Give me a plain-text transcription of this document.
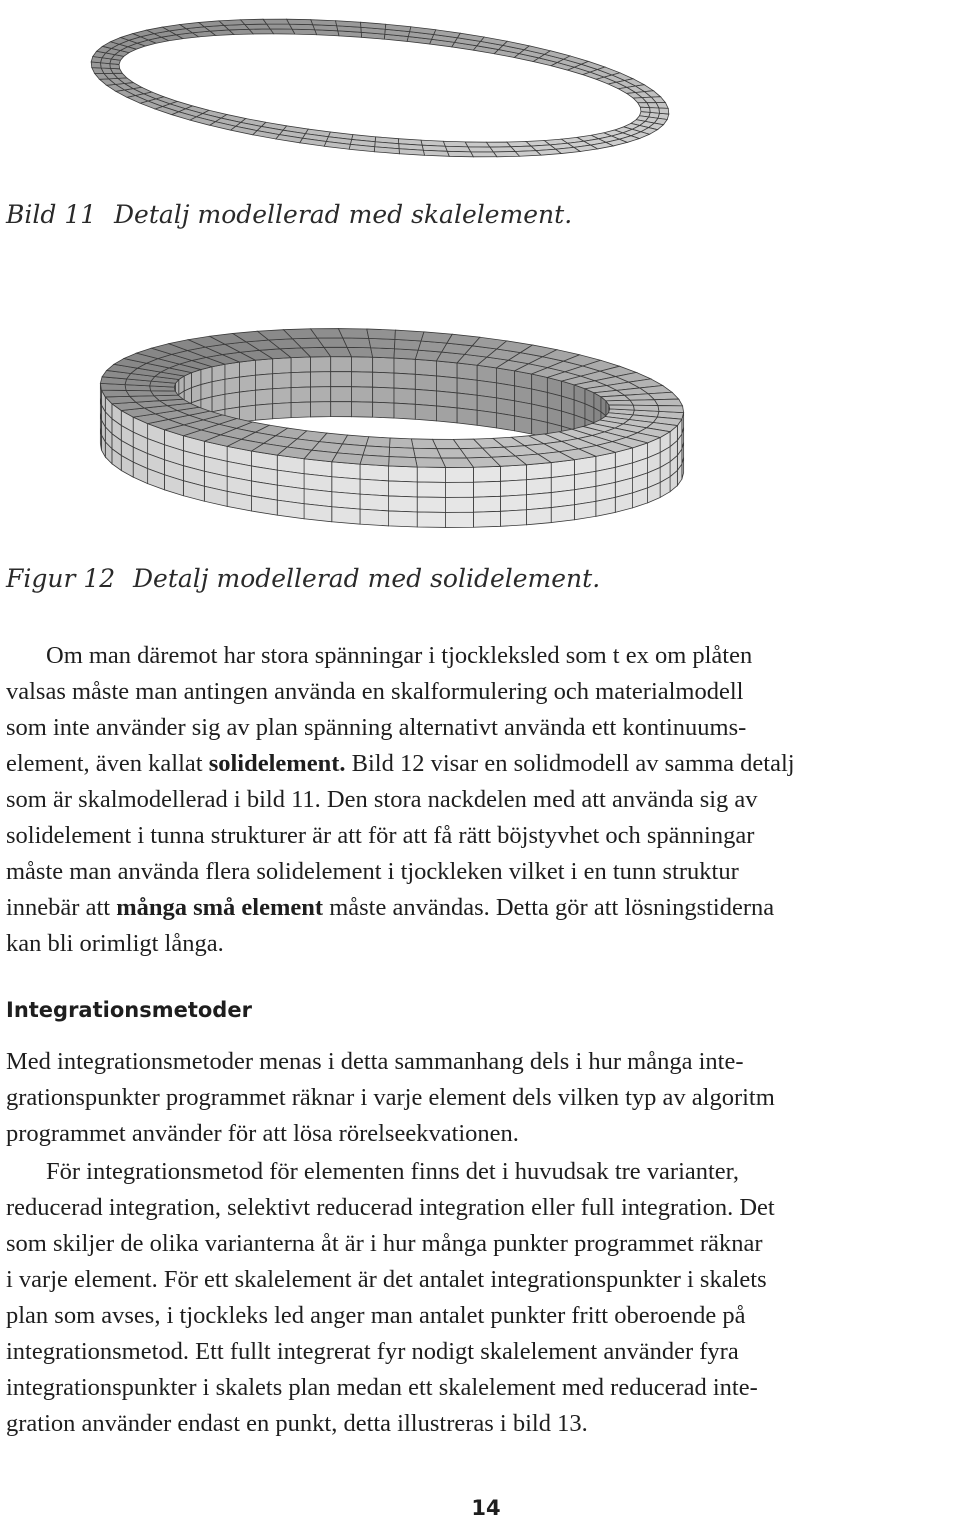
Bild 11 Detalj modellerad med skalelement.
Figur 12 Detalj modellerad med solidelement.
Om man däremot har stora spänningar i tjockleksled som t ex om plåten
valsas måste man antingen använda en skalformulering och materialmodell
som inte använder sig av plan spänning alternativt använda ett kontinuums-
element, även kallat solidelement. Bild 12 visar en solidmodell av samma detalj
som är skalmodellerad i bild 11. Den stora nackdelen med att använda sig av
solidelement i tunna strukturer är att för att få rätt böjstyvhet och spänningar
måste man använda flera solidelement i tjockleken vilket i en tunn struktur
innebär att många små element måste användas. Detta gör att lösningstiderna
kan bli orimligt långa.
Integrationsmetoder
Med integrationsmetoder menas i detta sammanhang dels i hur många inte-
grationspunkter programmet räknar i varje element dels vilken typ av algoritm
programmet använder för att lösa rörelseekvationen.
För integrationsmetod för elementen finns det i huvudsak tre varianter,
reducerad integration, selektivt reducerad integration eller full integration. Det
som skiljer de olika varianterna åt är i hur många punkter programmet räknar
i varje element. För ett skalelement är det antalet integrationspunkter i skalets
plan som avses, i tjockleks led anger man antalet punkter fritt oberoende på
integrationsmetod. Ett fullt integrerat fyr nodigt skalelement använder fyra
integrationspunkter i skalets plan medan ett skalelement med reducerad inte-
gration använder endast en punkt, detta illustreras i bild 13.
14
